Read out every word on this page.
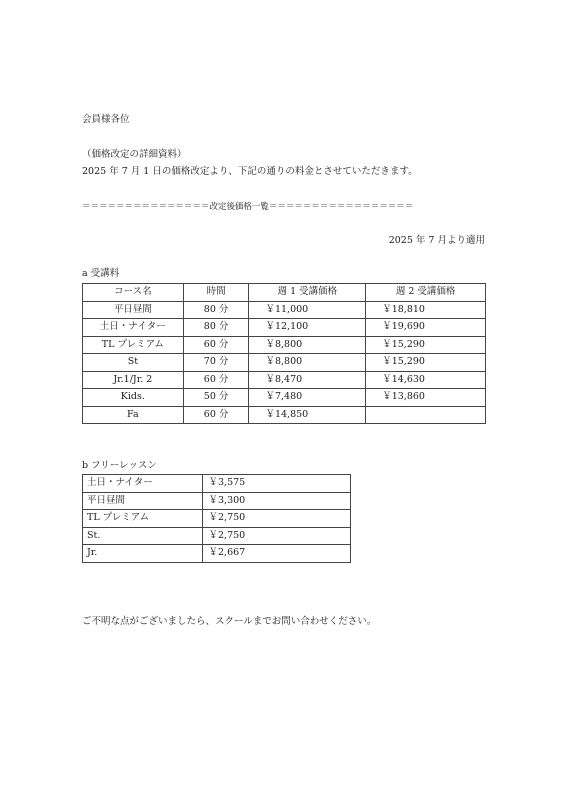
会員様各位
（価格改定の詳細資料）
2025 年 7 月 1 日の価格改定より、下記の通りの料金とさせていただきます。
＝＝＝＝＝＝＝＝＝＝＝＝＝＝＝改定後価格一覧＝＝＝＝＝＝＝＝＝＝＝＝＝＝＝＝＝
2025 年 7 月より適用
a 受講料
コース名	時間	週 1 受講価格	週 2 受講価格
平日昼間	80 分	￥11,000	￥18,810
土日・ナイター	80 分	￥12,100	￥19,690
TL プレミアム	60 分	￥8,800	￥15,290
St	70 分	￥8,800	￥15,290
Jr.1/Jr. 2	60 分	￥8,470	￥14,630
Kids.	50 分	￥7,480	￥13,860
Fa	60 分	￥14,850	
b フリーレッスン
土日・ナイター	￥3,575
平日昼間	￥3,300
TL プレミアム	￥2,750
St.	￥2,750
Jr.	￥2,667
ご不明な点がございましたら、スクールまでお問い合わせください。
